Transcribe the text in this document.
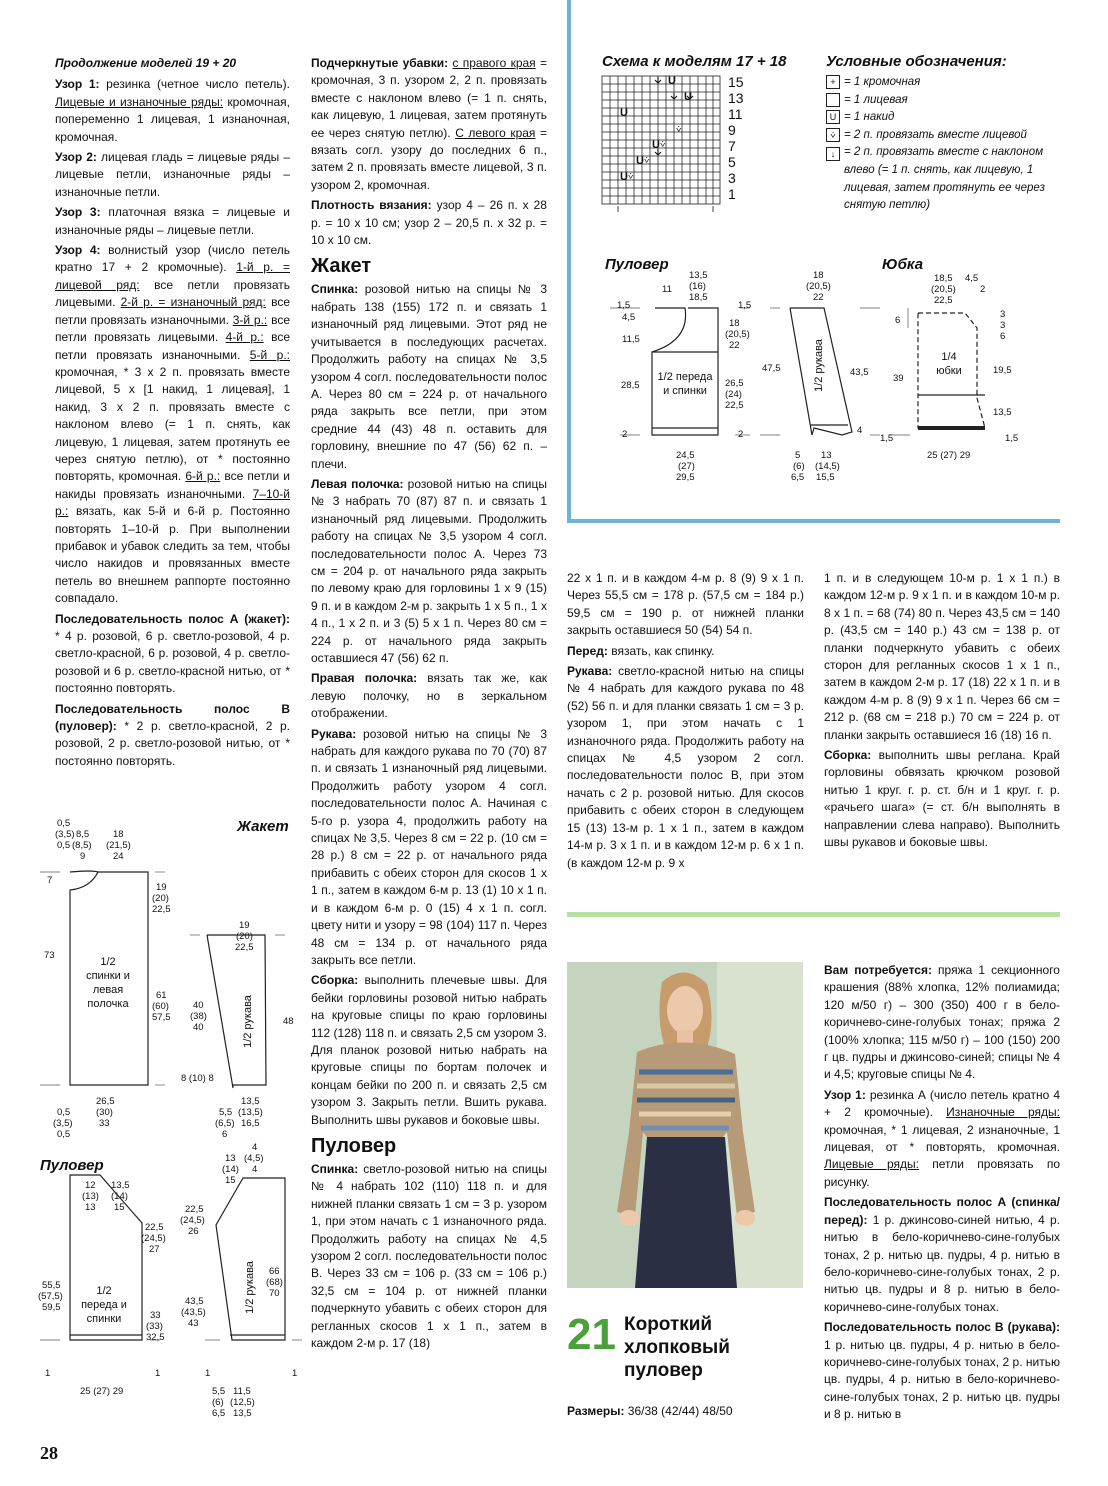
Продолжение моделей 19 + 20

Узор 1: резинка (четное число петель). Лицевые и изнаночные ряды: кромочная, попеременно 1 лицевая, 1 изнаночная, кромочная.

Узор 2: лицевая гладь = лицевые ряды – лицевые петли, изнаночные ряды – изнаночные петли.

Узор 3: платочная вязка = лицевые и изнаночные ряды – лицевые петли.

Узор 4: волнистый узор (число петель кратно 17 + 2 кромочные). 1-й р. = лицевой ряд: все петли провязать лицевыми. 2-й р. = изнаночный ряд: все петли провязать изнаночными. 3-й р.: все петли провязать лицевыми. 4-й р.: все петли провязать изнаночными. 5-й р.: кромочная, * 3 х 2 п. провязать вместе лицевой, 5 х [1 накид, 1 лицевая], 1 накид, 3 х 2 п. провязать вместе с наклоном влево (= 1 п. снять, как лицевую, 1 лицевая, затем протянуть ее через снятую петлю), от * постоянно повторять, кромочная. 6-й р.: все петли и накиды провязать изнаночными. 7–10-й р.: вязать, как 5-й и 6-й р. Постоянно повторять 1–10-й р. При выполнении прибавок и убавок следить за тем, чтобы число накидов и провязанных вместе петель во внешнем раппорте постоянно совпадало.

Последовательность полос А (жакет): * 4 р. розовой, 6 р. светло-розовой, 4 р. светло-красной, 6 р. розовой, 4 р. светло-розовой и 6 р. светло-красной нитью, от * постоянно повторять.

Последовательность полос В (пуловер): * 2 р. светло-красной, 2 р. розовой, 2 р. светло-розовой нитью, от * постоянно повторять.

Подчеркнутые убавки: с правого края = кромочная, 3 п. узором 2, 2 п. провязать вместе с наклоном влево (= 1 п. снять, как лицевую, 1 лицевая, затем протянуть ее через снятую петлю). С левого края = вязать согл. узору до последних 6 п., затем 2 п. провязать вместе лицевой, 3 п. узором 2, кромочная.

Плотность вязания: узор 4 – 26 п. х 28 р. = 10 х 10 см; узор 2 – 20,5 п. х 32 р. = 10 х 10 см.

Жакет

Спинка: розовой нитью на спицы № 3 набрать 138 (155) 172 п. и связать 1 изнаночный ряд лицевыми. Этот ряд не учитывается в последующих расчетах. Продолжить работу на спицах № 3,5 узором 4 согл. последовательности полос А. Через 80 см = 224 р. от начального ряда закрыть все петли, при этом средние 44 (43) 48 п. оставить для горловину, внешние по 47 (56) 62 п. – плечи.

Левая полочка: розовой нитью на спицы № 3 набрать 70 (87) 87 п. и связать 1 изнаночный ряд лицевыми. Продолжить работу на спицах № 3,5 узором 4 согл. последовательности полос А. Через 73 см = 204 р. от начального ряда закрыть по левому краю для горловины 1 х 9 (15) 9 п. и в каждом 2-м р. закрыть 1 х 5 п., 1 х 4 п., 1 х 2 п. и 3 (5) 5 х 1 п. Через 80 см = 224 р. от начального ряда закрыть оставшиеся 47 (56) 62 п.

Правая полочка: вязать так же, как левую полочку, но в зеркальном отображении.

Рукава: розовой нитью на спицы № 3 набрать для каждого рукава по 70 (70) 87 п. и связать 1 изнаночный ряд лицевыми. Продолжить работу узором 4 согл. последовательности полос А. Начиная с 5-го р. узора 4, продолжить работу на спицах № 3,5. Через 8 см = 22 р. (10 см = 28 р.) 8 см = 22 р. от начального ряда прибавить с обеих сторон для скосов 1 х 1 п., затем в каждом 6-м р. 13 (1) 10 х 1 п. и в каждом 6-м р. 0 (15) 4 х 1 п. согл. цвету нити и узору = 98 (104) 117 п. Через 48 см = 134 р. от начального ряда закрыть все петли.

Сборка: выполнить плечевые швы. Для бейки горловины розовой нитью набрать на круговые спицы по краю горловины 112 (128) 118 п. и связать 2,5 см узором 3. Для планок розовой нитью набрать на круговые спицы по бортам полочек и концам бейки по 200 п. и связать 2,5 см узором 3. Закрыть петли. Вшить рукава. Выполнить швы рукавов и боковые швы.

Пуловер

Спинка: светло-розовой нитью на спицы № 4 набрать 102 (110) 118 п. и для нижней планки связать 1 см = 3 р. узором 1, при этом начать с 1 изнаночного ряда. Продолжить работу на спицах № 4,5 узором 2 согл. последовательности полос В. Через 33 см = 106 р. (33 см = 106 р.) 32,5 см = 104 р. от нижней планки подчеркнуто убавить с обеих сторон для регланных скосов 1 х 1 п., затем в каждом 2-м р. 17 (18)

Схема к моделям 17 + 18
U
U
U
U
U
U
⩒
⩒
⩒
⩒
15
13
11
9
7
5
3
1
Условные обозначения:
+ = 1 кромочная
= 1 лицевая
U = 1 накид
⩒ = 2 п. провязать вместе лицевой
↓ = 2 п. провязать вместе с наклоном влево (= 1 п. снять, как лицевую, 1 лицевая, затем протянуть ее через снятую петлю)
Пуловер	Юбка
13,5
(16)
18,5
11
1,5
4,5
1,5
18
(20,5)
22
11,5
28,5	26,5
(24)
22,5
2	2
24,5
(27)
29,5
1/2 переда и спинки
18
(20,5)
22
47,5	43,5
4
5
(6)
6,5
13
(14,5)
15,5
1/2 рукава
18,5
(20,5)
22,5
4,5
2
6
3
3
6
19,5
39
13,5
1,5	1,5
25 (27) 29
1/4 юбки

22 х 1 п. и в каждом 4-м р. 8 (9) 9 х 1 п. Через 55,5 см = 178 р. (57,5 см = 184 р.) 59,5 см = 190 р. от нижней планки закрыть оставшиеся 50 (54) 54 п.

Перед: вязать, как спинку.

Рукава: светло-красной нитью на спицы № 4 набрать для каждого рукава по 48 (52) 56 п. и для планки связать 1 см = 3 р. узором 1, при этом начать с 1 изнаночного ряда. Продолжить работу на спицах № 4,5 узором 2 согл. последовательности полос В, при этом начать с 2 р. розовой нитью. Для скосов прибавить с обеих сторон в следующем 15 (13) 13-м р. 1 х 1 п., затем в каждом 14-м р. 3 х 1 п. и в каждом 12-м р. 6 х 1 п. (в каждом 12-м р. 9 х

1 п. и в следующем 10-м р. 1 х 1 п.) в каждом 12-м р. 9 х 1 п. и в каждом 10-м р. 8 х 1 п. = 68 (74) 80 п. Через 43,5 см = 140 р. (43,5 см = 140 р.) 43 см = 138 р. от планки подчеркнуто убавить с обеих сторон для регланных скосов 1 х 1 п., затем в каждом 2-м р. 17 (18) 22 х 1 п. и в каждом 4-м р. 8 (9) 9 х 1 п. Через 66 см = 212 р. (68 см = 218 р.) 70 см = 224 р. от планки закрыть оставшиеся 16 (18) 16 п.

Сборка: выполнить швы реглана. Край горловины обвязать крючком розовой нитью 1 круг. г. р. ст. б/н и 1 круг. г. р. «рачьего шага» (= ст. б/н выполнять в направлении слева направо). Выполнить швы рукавов и боковые швы.

21 Короткий хлопковый пуловер
Размеры: 36/38 (42/44) 48/50

Вам потребуется: пряжа 1 секционного крашения (88% хлопка, 12% полиамида; 120 м/50 г) – 300 (350) 400 г в бело-коричнево-сине-голубых тонах; пряжа 2 (100% хлопка; 115 м/50 г) – 100 (150) 200 г цв. пудры и джинсово-синей; спицы № 4 и 4,5; круговые спицы № 4.

Узор 1: резинка А (число петель кратно 4 + 2 кромочные). Изнаночные ряды: кромочная, * 1 лицевая, 2 изнаночные, 1 лицевая, от * повторять, кромочная. Лицевые ряды: петли провязать по рисунку.

Последовательность полос А (спинка/перед): 1 р. джинсово-синей нитью, 4 р. нитью в бело-коричнево-сине-голубых тонах, 2 р. нитью цв. пудры, 4 р. нитью в бело-коричнево-сине-голубых тонах, 2 р. нитью цв. пудры и 8 р. нитью в бело-коричнево-сине-голубых тонах.

Последовательность полос В (рукава): 1 р. нитью цв. пудры, 4 р. нитью в бело-коричнево-сине-голубых тонах, 2 р. нитью цв. пудры, 4 р. нитью в бело-коричнево-сине-голубых тонах, 2 р. нитью цв. пудры и 8 р. нитью в

Жакет
Пуловер
0,5
(3,5)
0,5
8,5
(8,5)
9
18
(21,5)
24
7
19
(20)
22,5
73
61
(60)
57,5
26,5
(30)
33
0,5
(3,5)
0,5
1/2 спинки и левая полочка
19
(20)
22,5
40
(38)
40
48
8 (10) 8
13,5
(13,5)
16,5
5,5
(6,5)
6
1/2 рукава
12
(13)
13
13,5
(14)
15
55,5
(57,5)
59,5
33
(33)
32,5
1	1
25 (27) 29
1/2 переда и спинки
4
(4,5)
4
13
(14)
15
22,5
(24,5)
26
22,5
(24,5)
27
43,5
(43,5)
43
66
(68)
70
1	1
5,5
(6)
6,5
11,5
(12,5)
13,5
1/2 рукава
28
